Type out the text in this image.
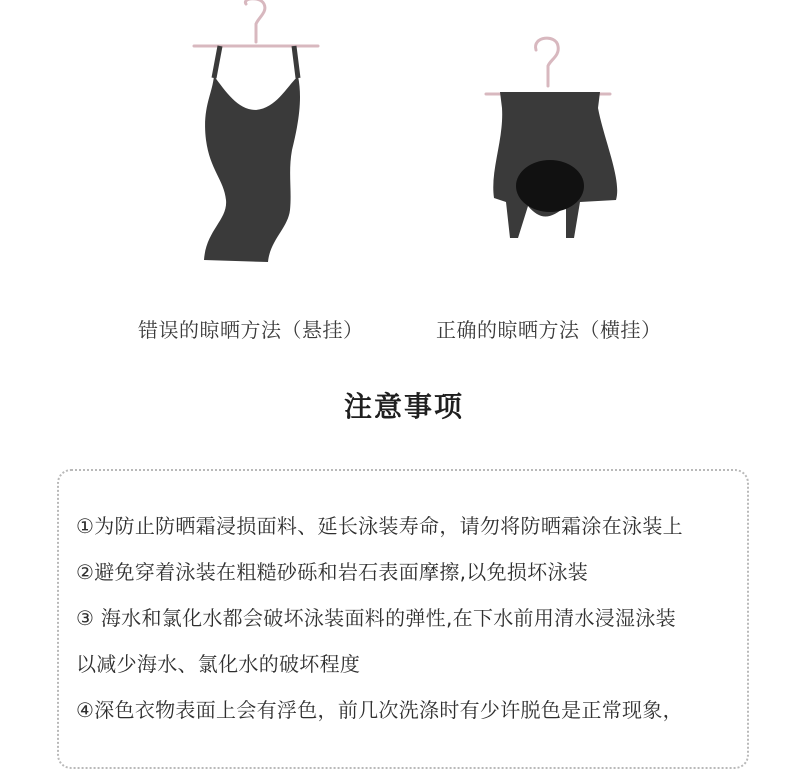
错误的晾晒方法（悬挂）	正确的晾晒方法（横挂）
注意事项
①为防止防晒霜浸损面料、延长泳装寿命，请勿将防晒霜涂在泳装上
②避免穿着泳装在粗糙砂砾和岩石表面摩擦,以免损坏泳装
③ 海水和氯化水都会破坏泳装面料的弹性,在下水前用清水浸湿泳装
以减少海水、氯化水的破坏程度
④深色衣物表面上会有浮色，前几次洗涤时有少许脱色是正常现象，
